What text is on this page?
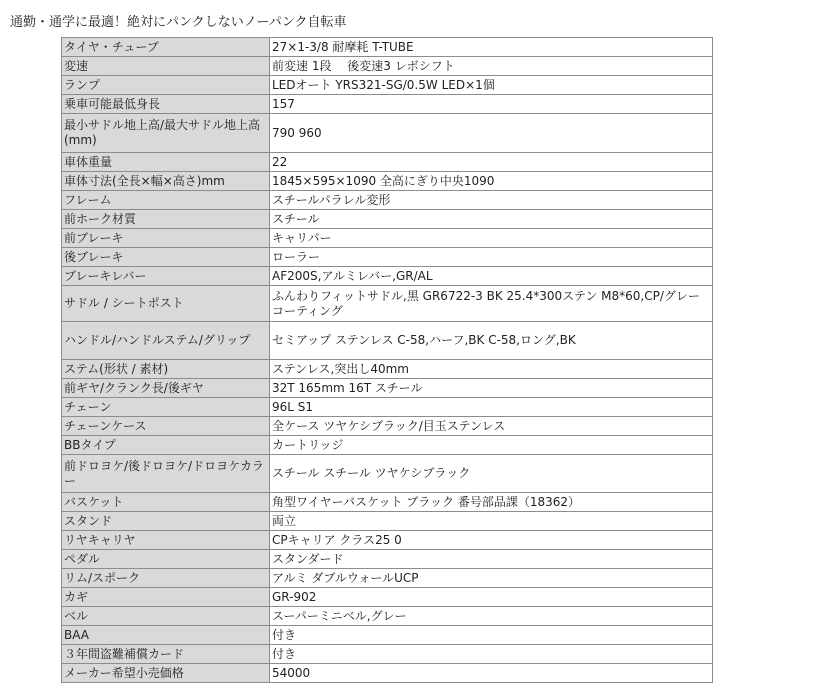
通勤・通学に最適！絶対にパンクしないノーパンク自転車
タイヤ・チューブ	27×1-3/8 耐摩耗 T-TUBE
変速	前変速 1段　 後変速3 レボシフト
ランプ	LEDオート YRS321-SG/0.5W LED×1個
乗車可能最低身長	157
最小サドル地上高/最大サドル地上高(mm)	790 960
車体重量	22
車体寸法(全長×幅×高さ)mm	1845×595×1090 全高にぎり中央1090
フレーム	スチールパラレル変形
前ホーク材質	スチール
前ブレーキ	キャリパー
後ブレーキ	ローラー
ブレーキレバー	AF200S,アルミレバー,GR/AL
サドル / シートポスト	ふんわりフィットサドル,黒 GR6722-3 BK 25.4*300ステン M8*60,CP/グレーコーティング
ハンドル/ハンドルステム/グリップ	セミアップ ステンレス C-58,ハーフ,BK C-58,ロング,BK
ステム(形状 / 素材)	ステンレス,突出し40mm
前ギヤ/クランク長/後ギヤ	32T 165mm 16T スチール
チェーン	96L S1
チェーンケース	全ケース ツヤケシブラック/目玉ステンレス
BBタイプ	カートリッジ
前ドロヨケ/後ドロヨケ/ドロヨケカラー	スチール スチール ツヤケシブラック
バスケット	角型ワイヤーバスケット ブラック 番号部品課（18362）
スタンド	両立
リヤキャリヤ	CPキャリア クラス25 0
ペダル	スタンダード
リム/スポーク	アルミ ダブルウォールUCP
カギ	GR-902
ベル	スーパーミニベル,グレー
BAA	付き
３年間盗難補償カード	付き
メーカー希望小売価格	54000
